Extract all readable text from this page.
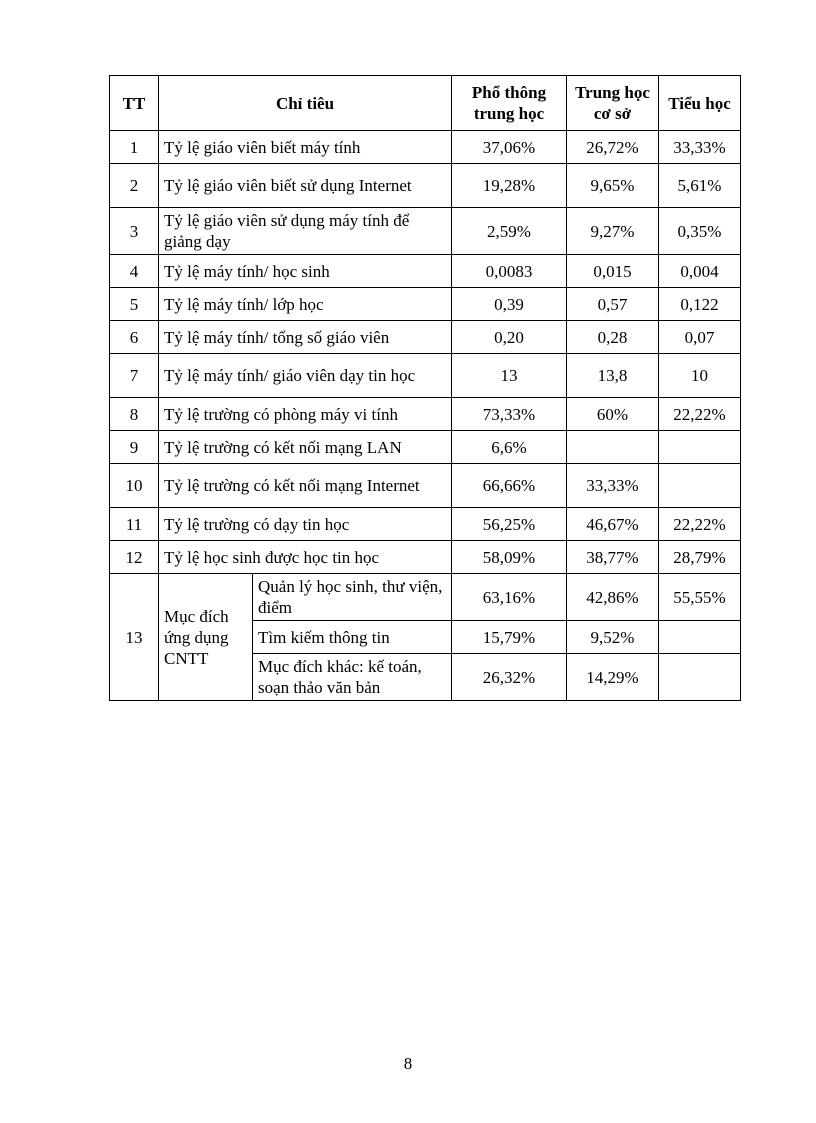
TT	Chỉ tiêu		Phổ thông trung học	Trung học cơ sở	Tiểu học
1	Tỷ lệ giáo viên biết máy tính		37,06%	26,72%	33,33%
2	Tỷ lệ giáo viên biết sử dụng Internet		19,28%	9,65%	5,61%
3	Tỷ lệ giáo viên sử dụng máy tính để giảng dạy		2,59%	9,27%	0,35%
4	Tỷ lệ máy tính/ học sinh		0,0083	0,015	0,004
5	Tỷ lệ máy tính/ lớp học		0,39	0,57	0,122
6	Tỷ lệ máy tính/ tổng số giáo viên		0,20	0,28	0,07
7	Tỷ lệ máy tính/ giáo viên dạy tin học		13	13,8	10
8	Tỷ lệ trường có phòng máy vi tính		73,33%	60%	22,22%
9	Tỷ lệ trường có kết nối mạng LAN		6,6%		
10	Tỷ lệ trường có kết nối mạng Internet		66,66%	33,33%	
11	Tỷ lệ trường có dạy tin học		56,25%	46,67%	22,22%
12	Tỷ lệ học sinh được học tin học		58,09%	38,77%	28,79%
13	Mục đích ứng dụng CNTT	Quản lý học sinh, thư viện, điểm	63,16%	42,86%	55,55%
		Tìm kiếm thông tin	15,79%	9,52%	
		Mục đích khác: kế toán, soạn thảo văn bản	26,32%	14,29%	
8
